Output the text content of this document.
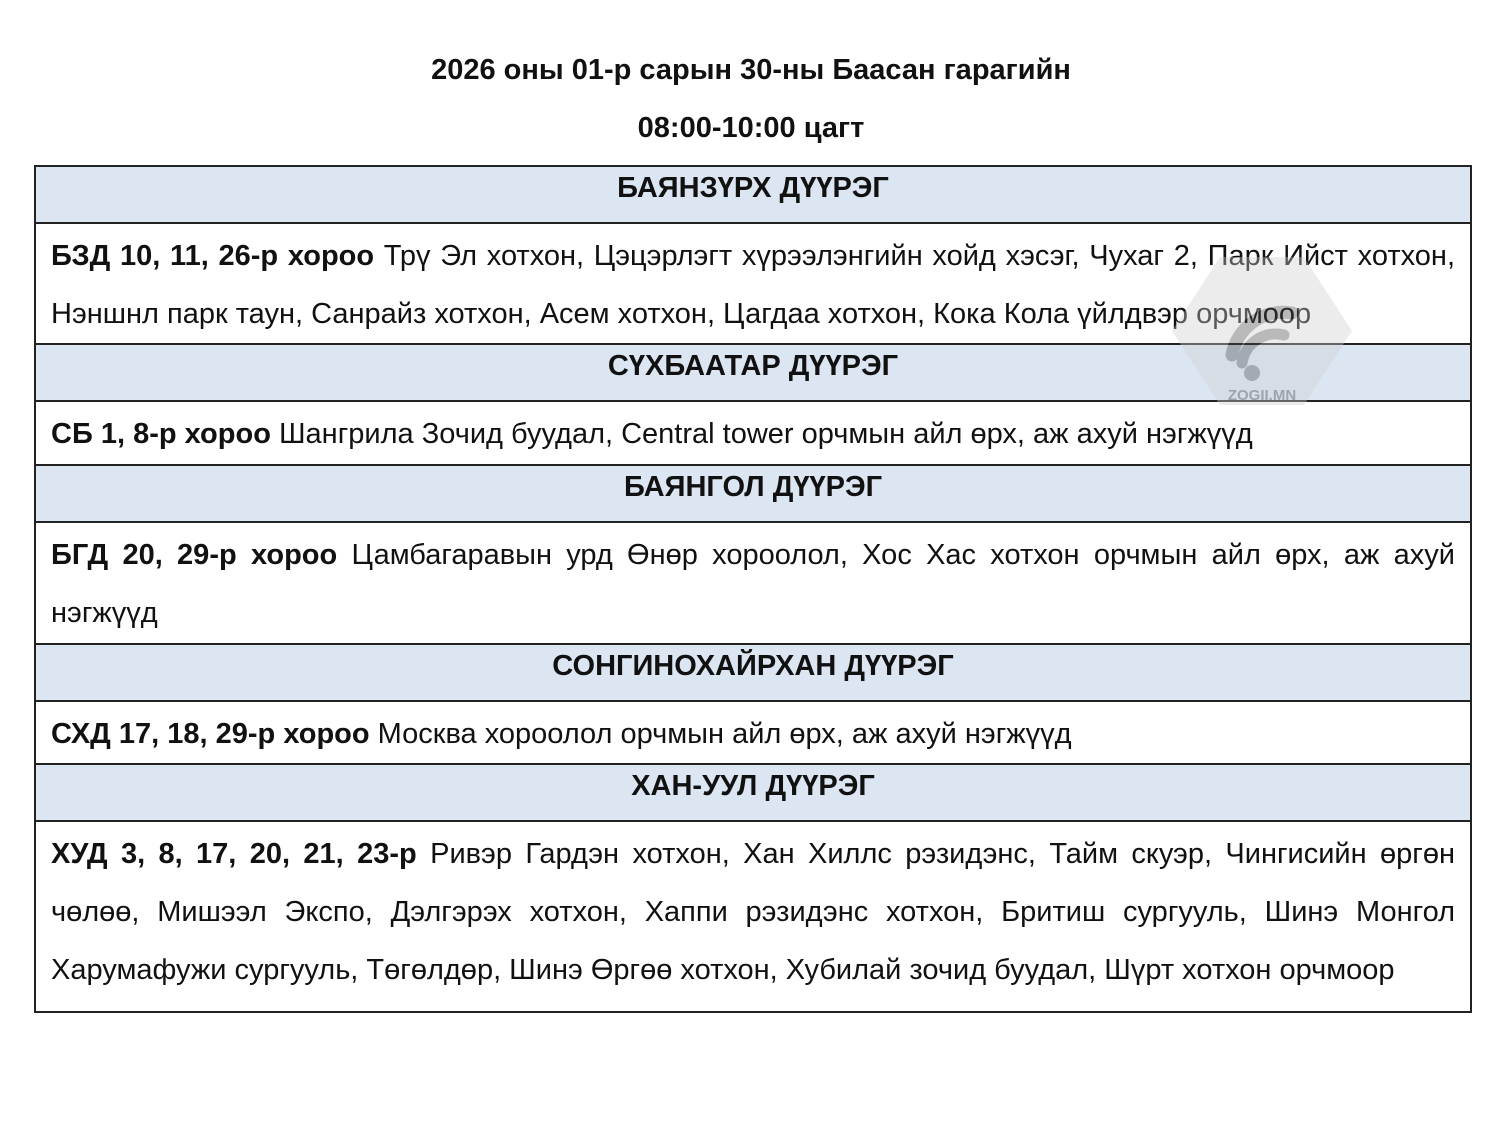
2026 оны 01-р сарын 30-ны Баасан гарагийн
08:00-10:00 цагт
БАЯНЗҮРХ ДҮҮРЭГ
БЗД 10, 11, 26-р хороо Трү Эл хотхон, Цэцэрлэгт хүрээлэнгийн хойд хэсэг, Чухаг 2, Парк Ийст хотхон, Нэншнл парк таун, Санрайз хотхон, Асем хотхон, Цагдаа хотхон, Кока Кола үйлдвэр орчмоор
СҮХБААТАР ДҮҮРЭГ
СБ 1, 8-р хороо Шангрила Зочид буудал, Central tower орчмын айл өрх, аж ахуй нэгжүүд
БАЯНГОЛ ДҮҮРЭГ
БГД 20, 29-р хороо Цамбагаравын урд Өнөр хороолол, Хос Хас хотхон орчмын айл өрх, аж ахуй нэгжүүд
СОНГИНОХАЙРХАН ДҮҮРЭГ
СХД 17, 18, 29-р хороо Москва хороолол орчмын айл өрх, аж ахуй нэгжүүд
ХАН-УУЛ ДҮҮРЭГ
ХУД 3, 8, 17, 20, 21, 23-р Ривэр Гардэн хотхон, Хан Хиллс рэзидэнс, Тайм скуэр, Чингисийн өргөн чөлөө, Мишээл Экспо, Дэлгэрэх хотхон, Хаппи рэзидэнс хотхон, Бритиш сургууль, Шинэ Монгол Харумафужи сургууль, Төгөлдөр, Шинэ Өргөө хотхон, Хубилай зочид буудал, Шүрт хотхон орчмоор
ZOGII.MN
